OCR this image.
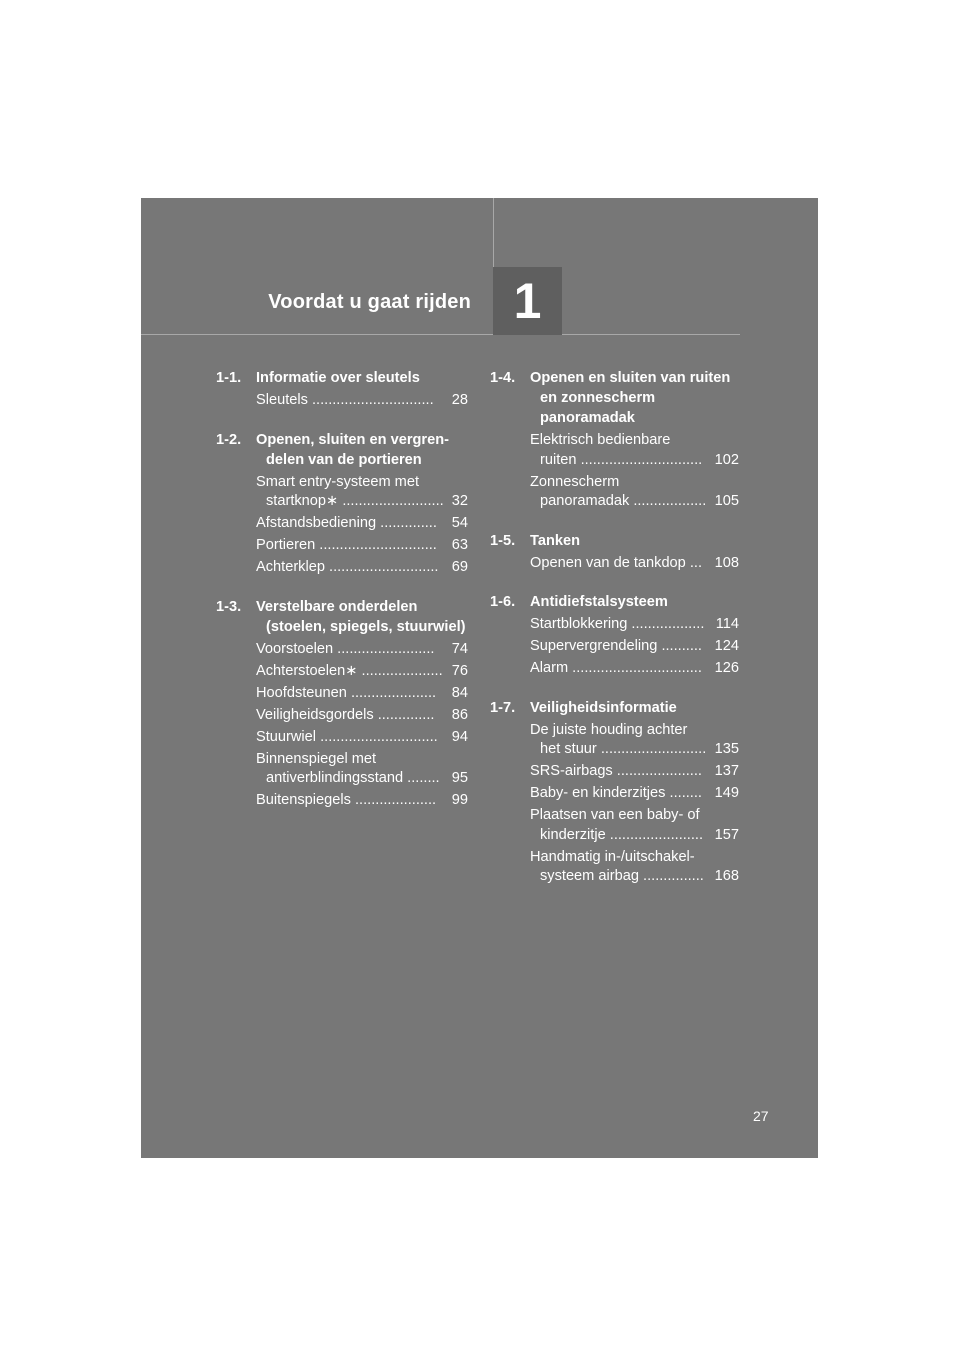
Voordat u gaat rijden 1
1-1.	Informatie over sleutels
Sleutels ..............................	28
1-2.	Openen, sluiten en vergren-delen van de portieren
Smart entry-systeem met startknop∗ ......................... 32
Afstandsbediening ..............	54
Portieren .............................	63
Achterklep ........................... 69
1-3.	Verstelbare onderdelen (stoelen, spiegels, stuurwiel)
Voorstoelen ........................	74
Achterstoelen∗ .................... 76
Hoofdsteunen .....................	84
Veiligheidsgordels ..............	86
Stuurwiel ............................. 94
Binnenspiegel met antiverblindingsstand ........ 95
Buitenspiegels ....................	99
1-4.	Openen en sluiten van ruiten en zonnescherm panoramadak
Elektrisch bedienbare ruiten .............................. 102
Zonnescherm panoramadak .................. 105
1-5.	Tanken
Openen van de tankdop ... 108
1-6.	Antidiefstalsysteem
Startblokkering .................. 114
Supervergrendeling .......... 124
Alarm ................................ 126
1-7.	Veiligheidsinformatie
De juiste houding achter het stuur .......................... 135
SRS-airbags ..................... 137
Baby- en kinderzitjes ........ 149
Plaatsen van een baby- of kinderzitje ....................... 157
Handmatig in-/uitschakel-systeem airbag ............... 168
27
